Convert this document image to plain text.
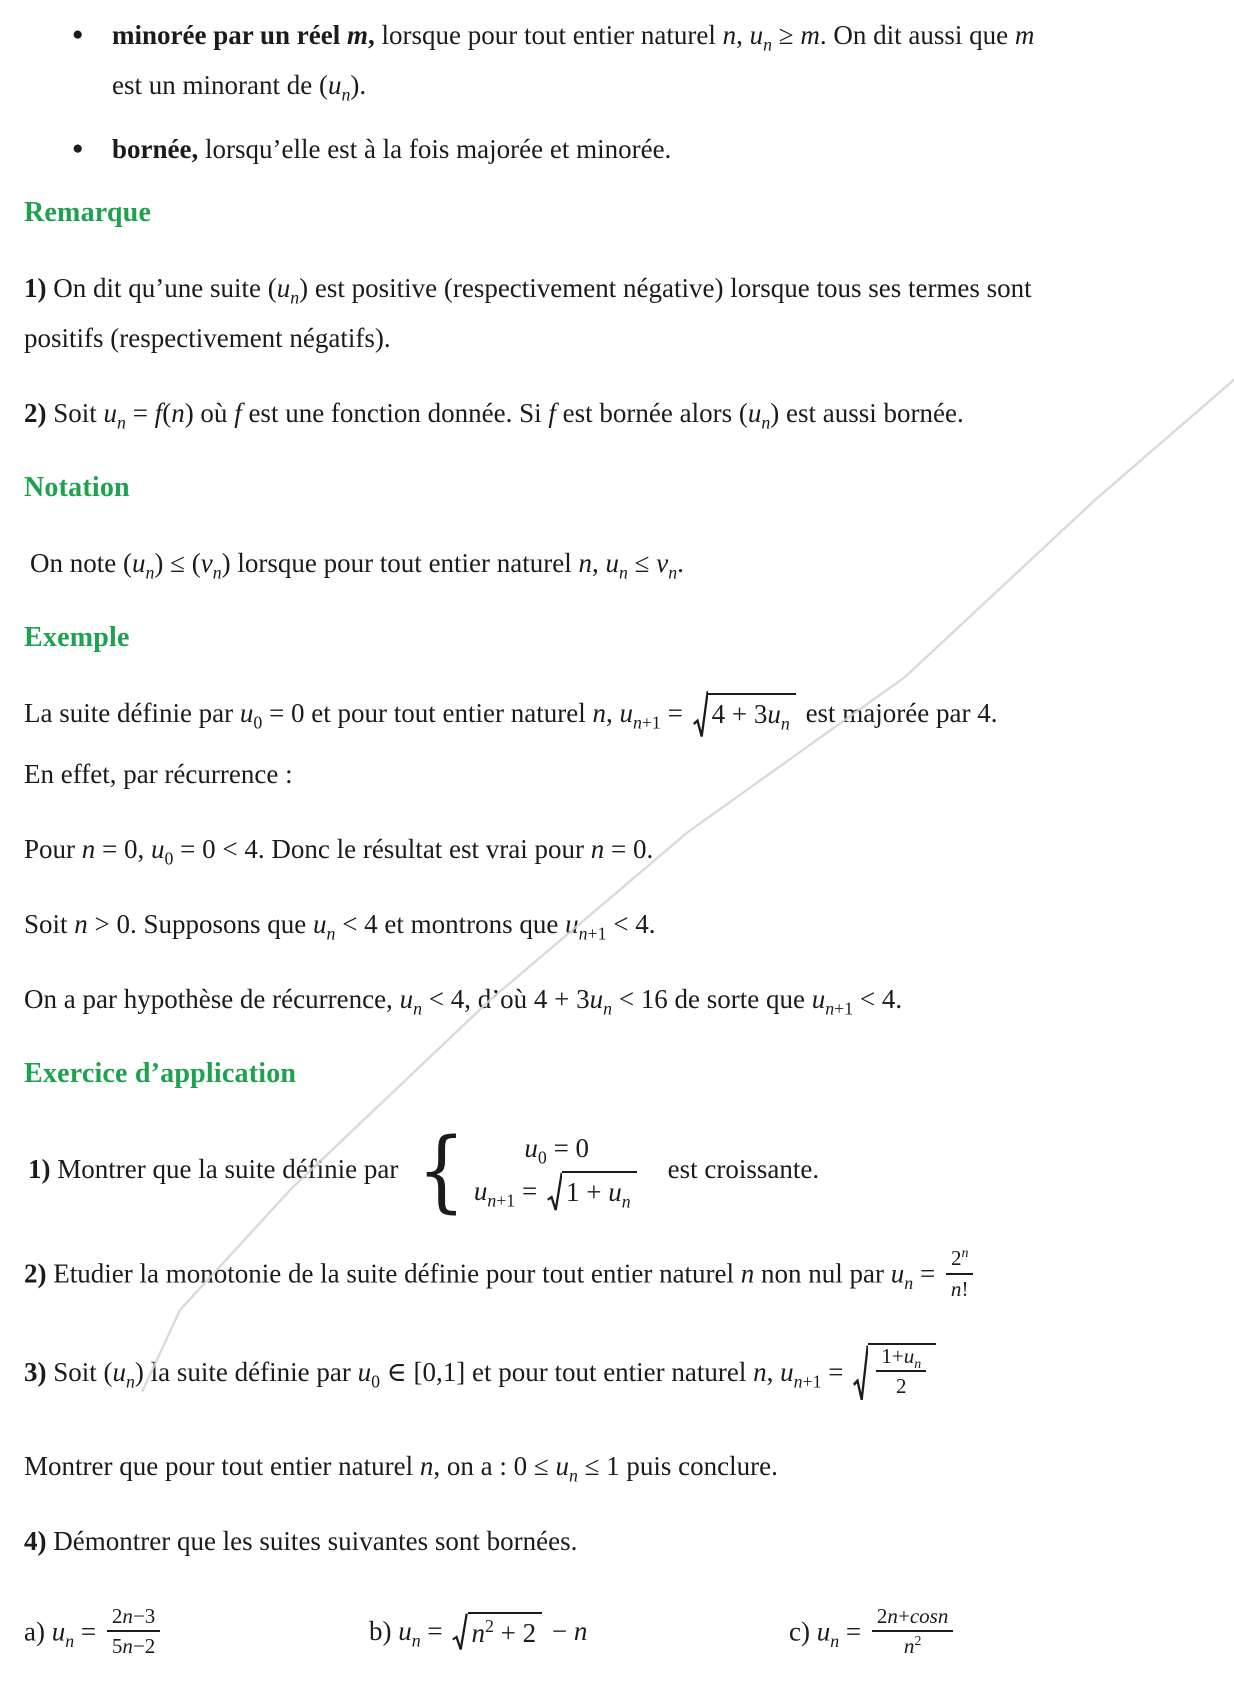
●	minorée par un réel m, lorsque pour tout entier naturel n, $u_n \ge m$. On dit aussi que m
est un minorant de $(u_n)$.
●	bornée, lorsqu’elle est à la fois majorée et minorée.
Remarque

1) On dit qu’une suite $(u_n)$ est positive (respectivement négative) lorsque tous ses termes sont
positifs (respectivement négatifs).

2) Soit $u_n = f(n)$ où f est une fonction donnée. Si f est bornée alors $(u_n)$ est aussi bornée.

Notation

On note $(u_n) \le (v_n)$ lorsque pour tout entier naturel n, $u_n \le v_n$.

Exemple

La suite définie par $u_0 = 0$ et pour tout entier naturel n, $u_{n+1}$ =
$4 + 3u_n$ est majorée par 4.

En effet, par récurrence :

Pour n = 0, $u_0 = 0 < 4$. Donc le résultat est vrai pour n = 0.

Soit n > 0. Supposons que $u_n < 4$ et montrons que $u_{n+1} < 4$.

On a par hypothèse de récurrence, $u_n < 4$, d’où $4 + 3u_n < 16$ de sorte que $u_{n+1} < 4$.

Exercice d’application

1) Montrer que la suite définie par { $u_0 = 0$
$u_{n+1}$ =
$1 + u_n$
est croissante.

2) Etudier la monotonie de la suite définie pour tout entier naturel n non nul par $u_n = \frac{2^n}{n!}$

3) Soit $(u_n)$ la suite définie par $u_0$ ∈ [0,1] et pour tout entier naturel n, $u_{n+1} = \frac{1+u_n}{2}$

Montrer que pour tout entier naturel n, on a : $0 \le u_n \le 1$ puis conclure.

4) Démontrer que les suites suivantes sont bornées.

a) $u_n = \frac{2n-3}{5n-2}$	b) $u_n$ =
$n^2 + 2 - n$	c) $u_n = \frac{2n+\cos n}{n^2}$
